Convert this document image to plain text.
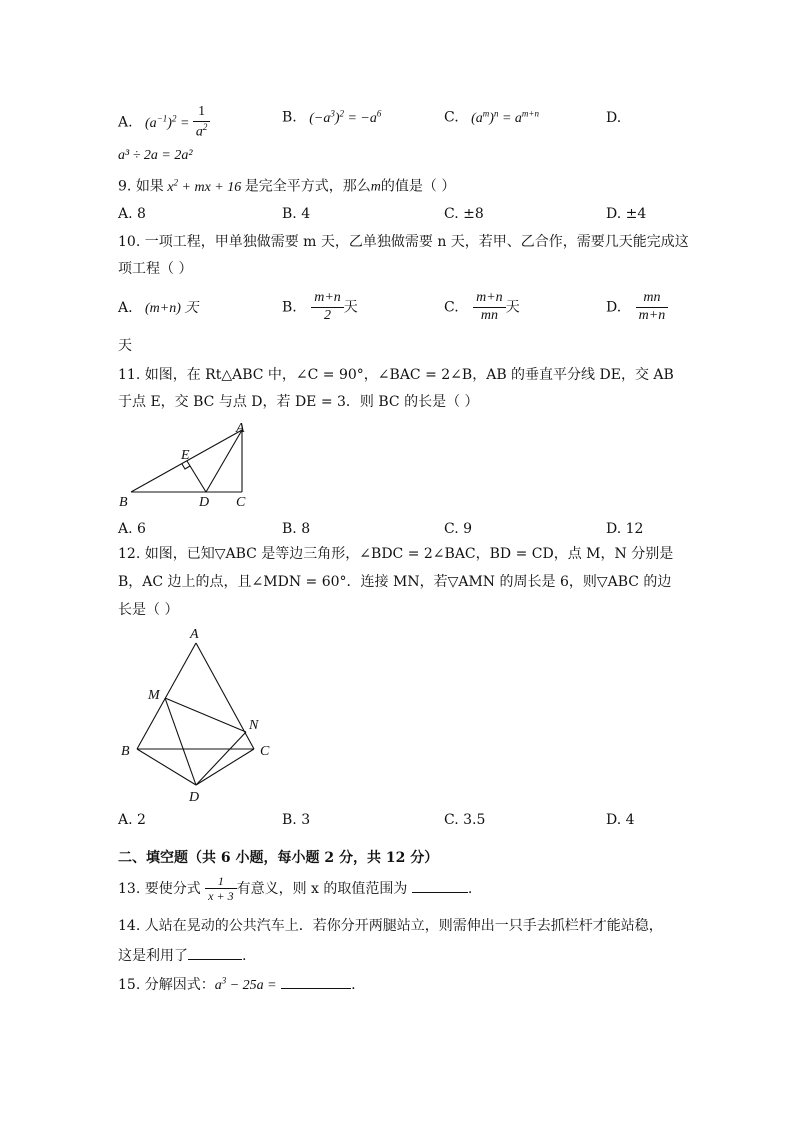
A. $(a^{-1})^2 = \frac{1}{a^2}$	B. $(-a^3)^2 = -a^6$	C. $(a^m)^n = a^{m+n}$	D.
a³ ÷ 2a = 2a²
9. 如果 $x^2$ + mx + 16 是完全平方式，那么m的值是（ ）
A. 8	B. 4	C. ±8	D. ±4
10. 一项工程，甲单独做需要 m 天，乙单独做需要 n 天，若甲、乙合作，需要几天能完成这
项工程（ ）
A. (m+n) 天	B. $\frac{m+n}{2}$ 天	C. $\frac{m+n}{mn}$ 天	D. $\frac{mn}{m+n}$
天
11. 如图，在 Rt△ABC 中，∠C = 90°，∠BAC = 2∠B，AB 的垂直平分线 DE，交 AB
于点 E，交 BC 与点 D，若 DE = 3．则 BC 的长是（ ）
A
E
B	D C
A. 6	B. 8	C. 9	D. 12
12. 如图，已知▽ABC 是等边三角形，∠BDC = 2∠BAC，BD = CD，点 M，N 分别是
B，AC 边上的点，且∠MDN = 60°．连接 MN，若▽AMN 的周长是 6，则▽ABC 的边
长是（ ）
A
M
N
B	C
D
A. 2	B. 3	C. 3.5	D. 4
二、填空题（共 6 小题，每小题 2 分，共 12 分）
13. 要使分式 $\frac{1}{x + 3}$ 有意义，则 x 的取值范围为	.
14. 人站在晃动的公共汽车上．若你分开两腿站立，则需伸出一只手去抓栏杆才能站稳，
这是利用了	.
15. 分解因式：$a^3 - 25a$ =	.
